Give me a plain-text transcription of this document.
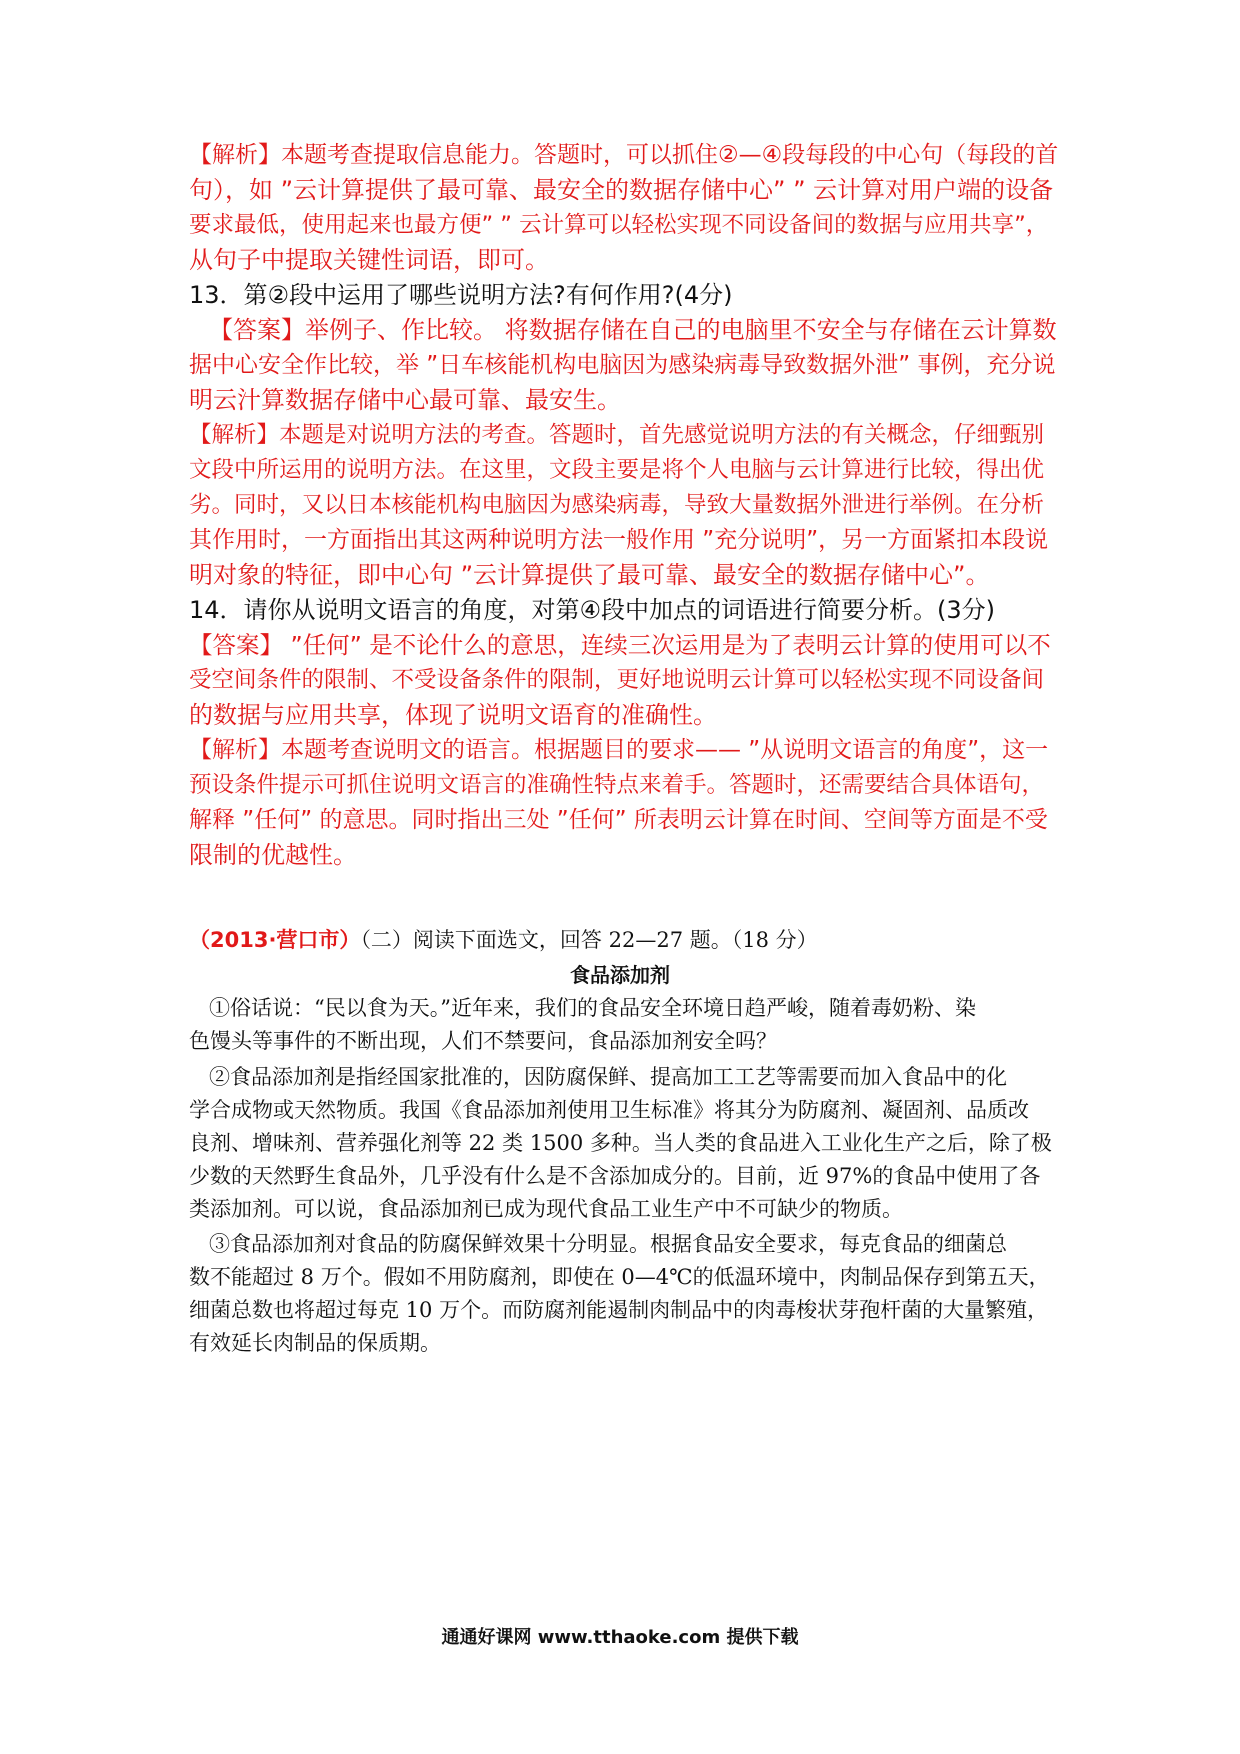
【解析】本题考查提取信息能力。答题时，可以抓住②—④段每段的中心句（每段的首
句），如 ”云计算提供了最可靠、最安全的数据存储中心” ” 云计算对用户端的设备
要求最低，使用起来也最方便” ” 云计算可以轻松实现不同设备间的数据与应用共享”，
从句子中提取关键性词语，即可。
13．第②段中运用了哪些说明方法?有何作用?(4分)
【答案】举例子、作比较。 将数据存储在自己的电脑里不安全与存储在云计算数
据中心安全作比较，举 ”日车核能机构电脑因为感染病毒导致数据外泄” 事例，充分说
明云汁算数据存储中心最可靠、最安生。
【解析】本题是对说明方法的考查。答题时，首先感觉说明方法的有关概念，仔细甄别
文段中所运用的说明方法。在这里，文段主要是将个人电脑与云计算进行比较，得出优
劣。同时，又以日本核能机构电脑因为感染病毒，导致大量数据外泄进行举例。在分析
其作用时，一方面指出其这两种说明方法一般作用 ”充分说明”，另一方面紧扣本段说
明对象的特征，即中心句 ”云计算提供了最可靠、最安全的数据存储中心”。
14．请你从说明文语言的角度，对第④段中加点的词语进行简要分析。(3分)
【答案】 ”任何” 是不论什么的意思，连续三次运用是为了表明云计算的使用可以不
受空间条件的限制、不受设备条件的限制，更好地说明云计算可以轻松实现不同设备间
的数据与应用共享，体现了说明文语育的准确性。
【解析】本题考查说明文的语言。根据题目的要求—— ”从说明文语言的角度”，这一
预设条件提示可抓住说明文语言的准确性特点来着手。答题时，还需要结合具体语句，
解释 ”任何” 的意思。同时指出三处 ”任何” 所表明云计算在时间、空间等方面是不受
限制的优越性。
（2013·营口市）（二）阅读下面选文，回答 22—27 题。（18 分）
食品添加剂
①俗话说：“民以食为天。”近年来，我们的食品安全环境日趋严峻，随着毒奶粉、染
色馒头等事件的不断出现，人们不禁要问，食品添加剂安全吗？
②食品添加剂是指经国家批准的，因防腐保鲜、提高加工工艺等需要而加入食品中的化
学合成物或天然物质。我国《食品添加剂使用卫生标准》将其分为防腐剂、凝固剂、品质改
良剂、增味剂、营养强化剂等 22 类 1500 多种。当人类的食品进入工业化生产之后，除了极
少数的天然野生食品外，几乎没有什么是不含添加成分的。目前，近 97%的食品中使用了各
类添加剂。可以说，食品添加剂已成为现代食品工业生产中不可缺少的物质。
③食品添加剂对食品的防腐保鲜效果十分明显。根据食品安全要求，每克食品的细菌总
数不能超过 8 万个。假如不用防腐剂，即使在 0—4℃的低温环境中，肉制品保存到第五天，
细菌总数也将超过每克 10 万个。而防腐剂能遏制肉制品中的肉毒梭状芽孢杆菌的大量繁殖，
有效延长肉制品的保质期。
通通好课网 www.tthaoke.com 提供下载
